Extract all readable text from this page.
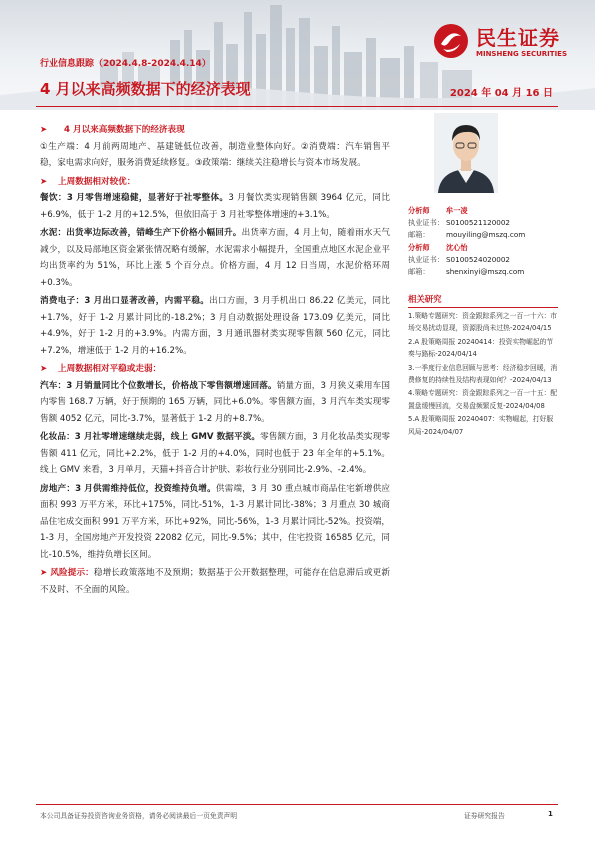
民生证券
MINSHENG SECURITIES
行业信息跟踪（2024.4.8-2024.4.14）
4 月以来高频数据下的经济表现	2024 年 04 月 16 日
➤ 4 月以来高频数据下的经济表现

①生产端：4 月前两周地产、基建链低位改善，制造业整体向好。②消费端：汽车销售平稳，家电需求向好，服务消费延续修复。③政策端：继续关注稳增长与资本市场发展。

➤ 上周数据相对较优：

餐饮：3 月零售增速稳健，显著好于社零整体。3 月餐饮类实现销售额 3964 亿元，同比+6.9%，低于 1-2 月的+12.5%，但依旧高于 3 月社零整体增速的+3.1%。

水泥：出货率边际改善，错峰生产下价格小幅回升。出货率方面，4 月上旬，随着雨水天气减少，以及局部地区资金紧张情况略有缓解，水泥需求小幅提升，全国重点地区水泥企业平均出货率约为 51%，环比上涨 5 个百分点。价格方面，4 月 12 日当周，水泥价格环周+0.3%。

消费电子：3 月出口显著改善，内需平稳。出口方面，3 月手机出口 86.22 亿美元，同比+1.7%，好于 1-2 月累计同比的-18.2%；3 月自动数据处理设备 173.09 亿美元，同比+4.9%，好于 1-2 月的+3.9%。内需方面，3 月通讯器材类实现零售额 560 亿元，同比+7.2%，增速低于 1-2 月的+16.2%。

➤ 上周数据相对平稳或走弱：

汽车：3 月销量同比个位数增长，价格战下零售额增速回落。销量方面，3 月狭义乘用车国内零售 168.7 万辆，好于预期的 165 万辆，同比+6.0%。零售额方面，3 月汽车类实现零售额 4052 亿元，同比-3.7%，显著低于 1-2 月的+8.7%。

化妆品：3 月社零增速继续走弱，线上 GMV 数据平淡。零售额方面，3 月化妆品类实现零售额 411 亿元，同比+2.2%，低于 1-2 月的+4.0%，同时也低于 23 年全年的+5.1%。线上 GMV 来看，3 月单月，天猫+抖音合计护肤、彩妆行业分别同比-2.9%、-2.4%。

房地产：3 月供需维持低位，投资维持负增。供需端，3 月 30 重点城市商品住宅新增供应面积 993 万平方米，环比+175%，同比-51%，1-3 月累计同比-38%；3 月重点 30 城商品住宅成交面积 991 万平方米，环比+92%，同比-56%，1-3 月累计同比-52%。投资端，1-3 月，全国房地产开发投资 22082 亿元，同比-9.5%；其中，住宅投资 16585 亿元，同比-10.5%，维持负增长区间。

➤ 风险提示：稳增长政策落地不及预期；数据基于公开数据整理，可能存在信息滞后或更新不及时、不全面的风险。

分析师 牟一凌
执业证书： S0100521120002
邮箱： mouyiling@mszq.com
分析师 沈心怡
执业证书： S0100524020002
邮箱： shenxinyi@mszq.com
相关研究
1.策略专题研究：资金跟踪系列之一百一十六：市场交易扰动显现，资源股尚未过热-2024/04/15
2.A 股策略周报 20240414：投资实物崛起的节奏与路标-2024/04/14
3.一季度行业信息回顾与思考：经济稳步回暖，消费修复的持续性及结构表现如何？-2024/04/13
4.策略专题研究：资金跟踪系列之一百一十五：配置盘缓慢回流，交易盘频繁反复-2024/04/08
5.A 股策略周报 20240407：实物崛起，打好服风局-2024/04/07
本公司具备证券投资咨询业务资格，请务必阅读最后一页免责声明	证券研究报告	1
